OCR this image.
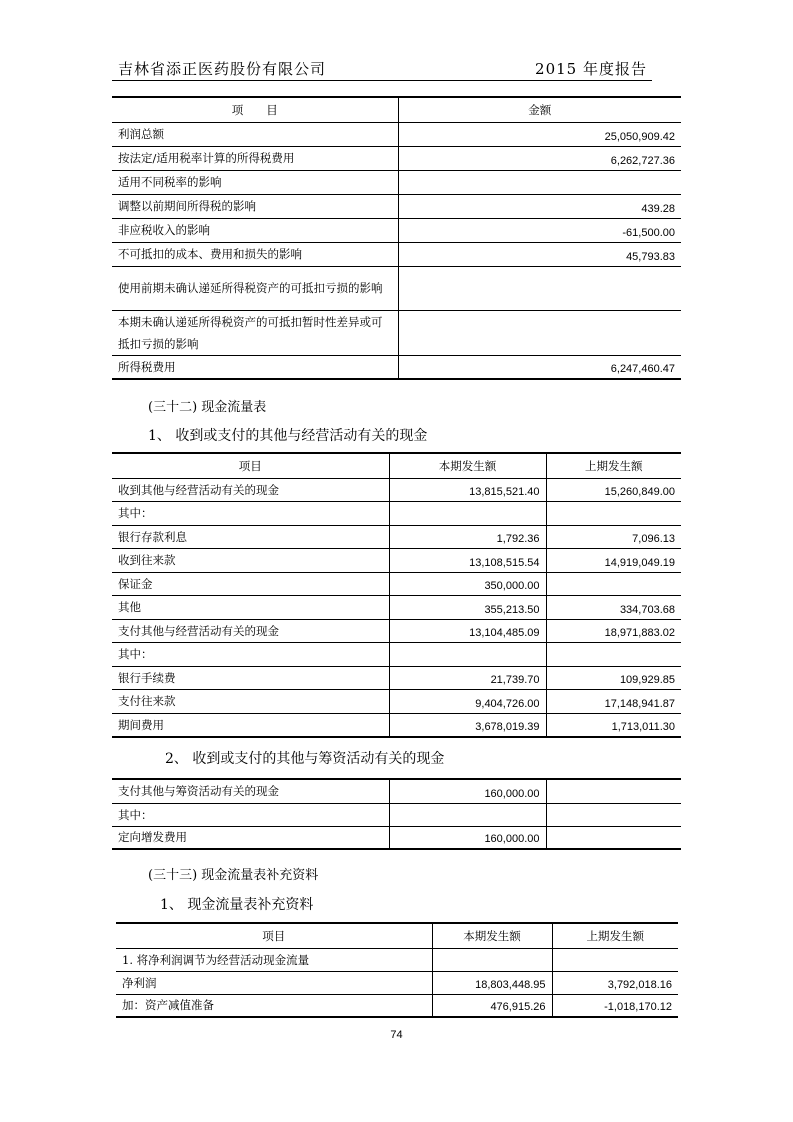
吉林省添正医药股份有限公司	2015 年度报告
项　　目	金额
利润总额	25,050,909.42
按法定/适用税率计算的所得税费用	6,262,727.36
适用不同税率的影响	
调整以前期间所得税的影响	439.28
非应税收入的影响	-61,500.00
不可抵扣的成本、费用和损失的影响	45,793.83
使用前期未确认递延所得税资产的可抵扣亏损的影响	
本期未确认递延所得税资产的可抵扣暂时性差异或可抵扣亏损的影响	
所得税费用	6,247,460.47
(三十二) 现金流量表
1、 收到或支付的其他与经营活动有关的现金
项目	本期发生额	上期发生额
收到其他与经营活动有关的现金	13,815,521.40	15,260,849.00
其中：		
银行存款利息	1,792.36	7,096.13
收到往来款	13,108,515.54	14,919,049.19
保证金	350,000.00	
其他	355,213.50	334,703.68
支付其他与经营活动有关的现金	13,104,485.09	18,971,883.02
其中：		
银行手续费	21,739.70	109,929.85
支付往来款	9,404,726.00	17,148,941.87
期间费用	3,678,019.39	1,713,011.30
2、 收到或支付的其他与筹资活动有关的现金
支付其他与筹资活动有关的现金	160,000.00	
其中：		
定向增发费用	160,000.00	
(三十三) 现金流量表补充资料
1、 现金流量表补充资料
项目	本期发生额	上期发生额
1. 将净利润调节为经营活动现金流量		
净利润	18,803,448.95	3,792,018.16
加：资产减值准备	476,915.26	-1,018,170.12
74
